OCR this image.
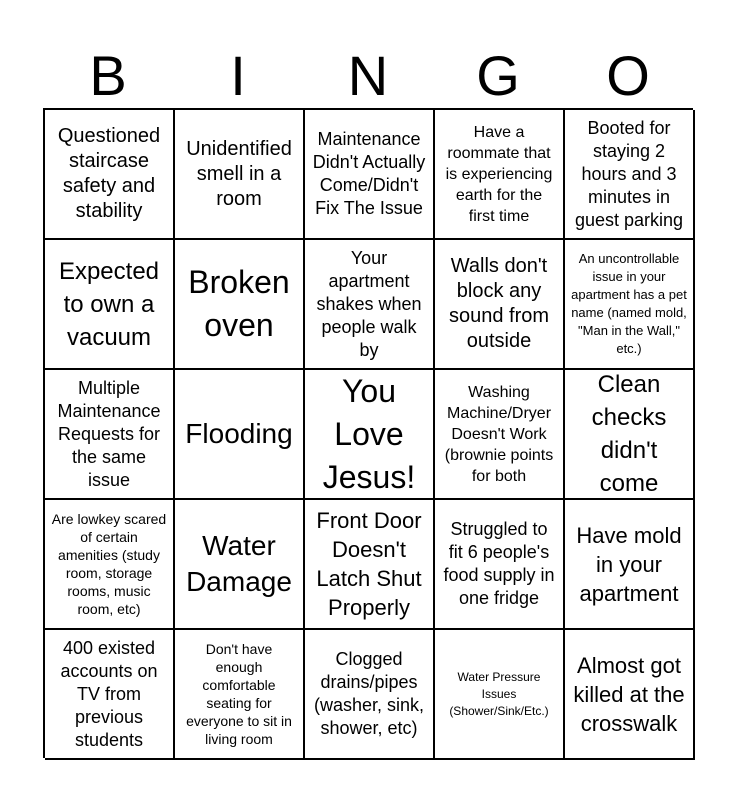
B	I	N	G	O
Questioned staircase safety and stability
Unidentified smell in a room
Maintenance Didn't Actually Come/Didn't Fix The Issue
Have a roommate that is experiencing earth for the first time
Booted for staying 2 hours and 3 minutes in guest parking
Expected to own a vacuum
Broken oven
Your apartment shakes when people walk by
Walls don't block any sound from outside
An uncontrollable issue in your apartment has a pet name (named mold, "Man in the Wall," etc.)
Multiple Maintenance Requests for the same issue
Flooding
You Love Jesus!
Washing Machine/Dryer Doesn't Work (brownie points for both
Clean checks didn't come
Are lowkey scared of certain amenities (study room, storage rooms, music room, etc)
Water Damage
Front Door Doesn't Latch Shut Properly
Struggled to fit 6 people's food supply in one fridge
Have mold in your apartment
400 existed accounts on TV from previous students
Don't have enough comfortable seating for everyone to sit in living room
Clogged drains/pipes (washer, sink, shower, etc)
Water Pressure Issues (Shower/Sink/Etc.)
Almost got killed at the crosswalk
